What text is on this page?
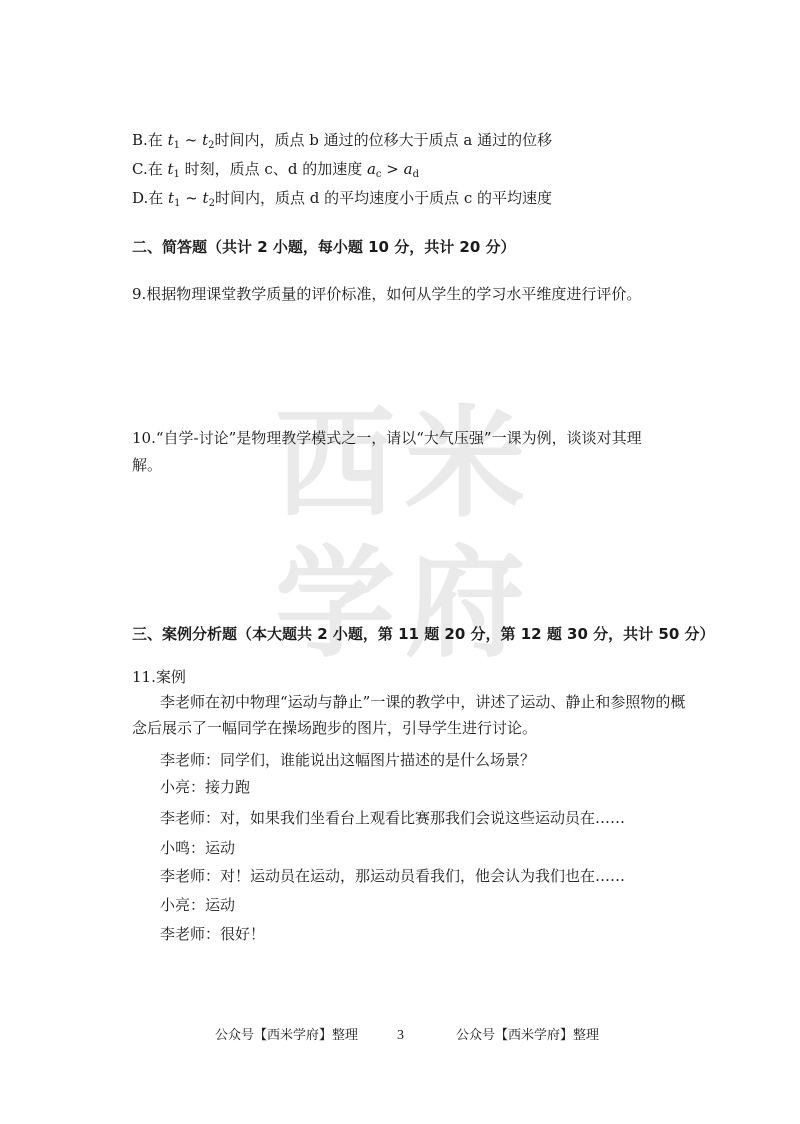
西 米
学 府
B.在 $t_1$ ~ $t_2$时间内，质点 b 通过的位移大于质点 a 通过的位移
C.在 $t_1$ 时刻，质点 c、d 的加速度 $a_c > a_d$
D.在 $t_1$ ~ $t_2$时间内，质点 d 的平均速度小于质点 c 的平均速度
二、简答题（共计 2 小题，每小题 10 分，共计 20 分）
9.根据物理课堂教学质量的评价标准，如何从学生的学习水平维度进行评价。
10.“自学-讨论”是物理教学模式之一，请以“大气压强”一课为例，谈谈对其理
解。
三、案例分析题（本大题共 2 小题，第 11 题 20 分，第 12 题 30 分，共计 50 分）
11.案例
李老师在初中物理“运动与静止”一课的教学中，讲述了运动、静止和参照物的概
念后展示了一幅同学在操场跑步的图片，引导学生进行讨论。
李老师：同学们，谁能说出这幅图片描述的是什么场景？
小亮：接力跑
李老师：对，如果我们坐看台上观看比赛那我们会说这些运动员在……
小鸣：运动
李老师：对！运动员在运动，那运动员看我们，他会认为我们也在……
小亮：运动
李老师：很好！
公众号【西米学府】整理	3	公众号【西米学府】整理
